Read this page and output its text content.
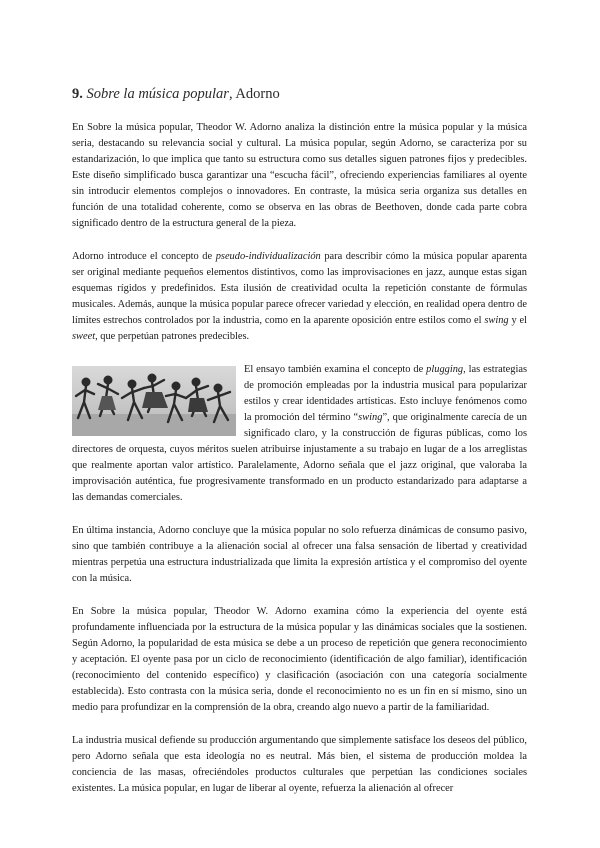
9. Sobre la música popular, Adorno

En Sobre la música popular, Theodor W. Adorno analiza la distinción entre la música popular y la música seria, destacando su relevancia social y cultural. La música popular, según Adorno, se caracteriza por su estandarización, lo que implica que tanto su estructura como sus detalles siguen patrones fijos y predecibles. Este diseño simplificado busca garantizar una “escucha fácil”, ofreciendo experiencias familiares al oyente sin introducir elementos complejos o innovadores. En contraste, la música seria organiza sus detalles en función de una totalidad coherente, como se observa en las obras de Beethoven, donde cada parte cobra significado dentro de la estructura general de la pieza.

Adorno introduce el concepto de pseudo-individualización para describir cómo la música popular aparenta ser original mediante pequeños elementos distintivos, como las improvisaciones en jazz, aunque estas sigan esquemas rígidos y predefinidos. Esta ilusión de creatividad oculta la repetición constante de fórmulas musicales. Además, aunque la música popular parece ofrecer variedad y elección, en realidad opera dentro de límites estrechos controlados por la industria, como en la aparente oposición entre estilos como el swing y el sweet, que perpetúan patrones predecibles.

El ensayo también examina el concepto de plugging
, las estrategias de promoción empleadas por la industria musical para popularizar estilos y crear identidades artísticas. Esto incluye fenómenos como la promoción del término “swing”, que originalmente carecía de un significado claro, y la construcción de figuras públicas, como los directores de orquesta, cuyos méritos suelen atribuirse injustamente a su trabajo en lugar de a los arreglistas que realmente aportan valor artístico. Paralelamente, Adorno señala que el jazz original, que valoraba la improvisación auténtica, fue progresivamente transformado en un producto estandarizado para adaptarse a las demandas comerciales.

En última instancia, Adorno concluye que la música popular no solo refuerza dinámicas de consumo pasivo, sino que también contribuye a la alienación social al ofrecer una falsa sensación de libertad y creatividad mientras perpetúa una estructura industrializada que limita la expresión artística y el compromiso del oyente con la música.

En Sobre la música popular, Theodor W. Adorno examina cómo la experiencia del oyente está profundamente influenciada por la estructura de la música popular y las dinámicas sociales que la sostienen. Según Adorno, la popularidad de esta música se debe a un proceso de repetición que genera reconocimiento y aceptación. El oyente pasa por un ciclo de reconocimiento (identificación de algo familiar), identificación (reconocimiento del contenido específico) y clasificación (asociación con una categoría socialmente establecida). Esto contrasta con la música seria, donde el reconocimiento no es un fin en sí mismo, sino un medio para profundizar en la comprensión de la obra, creando algo nuevo a partir de la familiaridad.

La industria musical defiende su producción argumentando que simplemente satisface los deseos del público, pero Adorno señala que esta ideología no es neutral. Más bien, el sistema de producción moldea la conciencia de las masas, ofreciéndoles productos culturales que perpetúan las condiciones sociales existentes. La música popular, en lugar de liberar al oyente, refuerza la alienación al ofrecer
